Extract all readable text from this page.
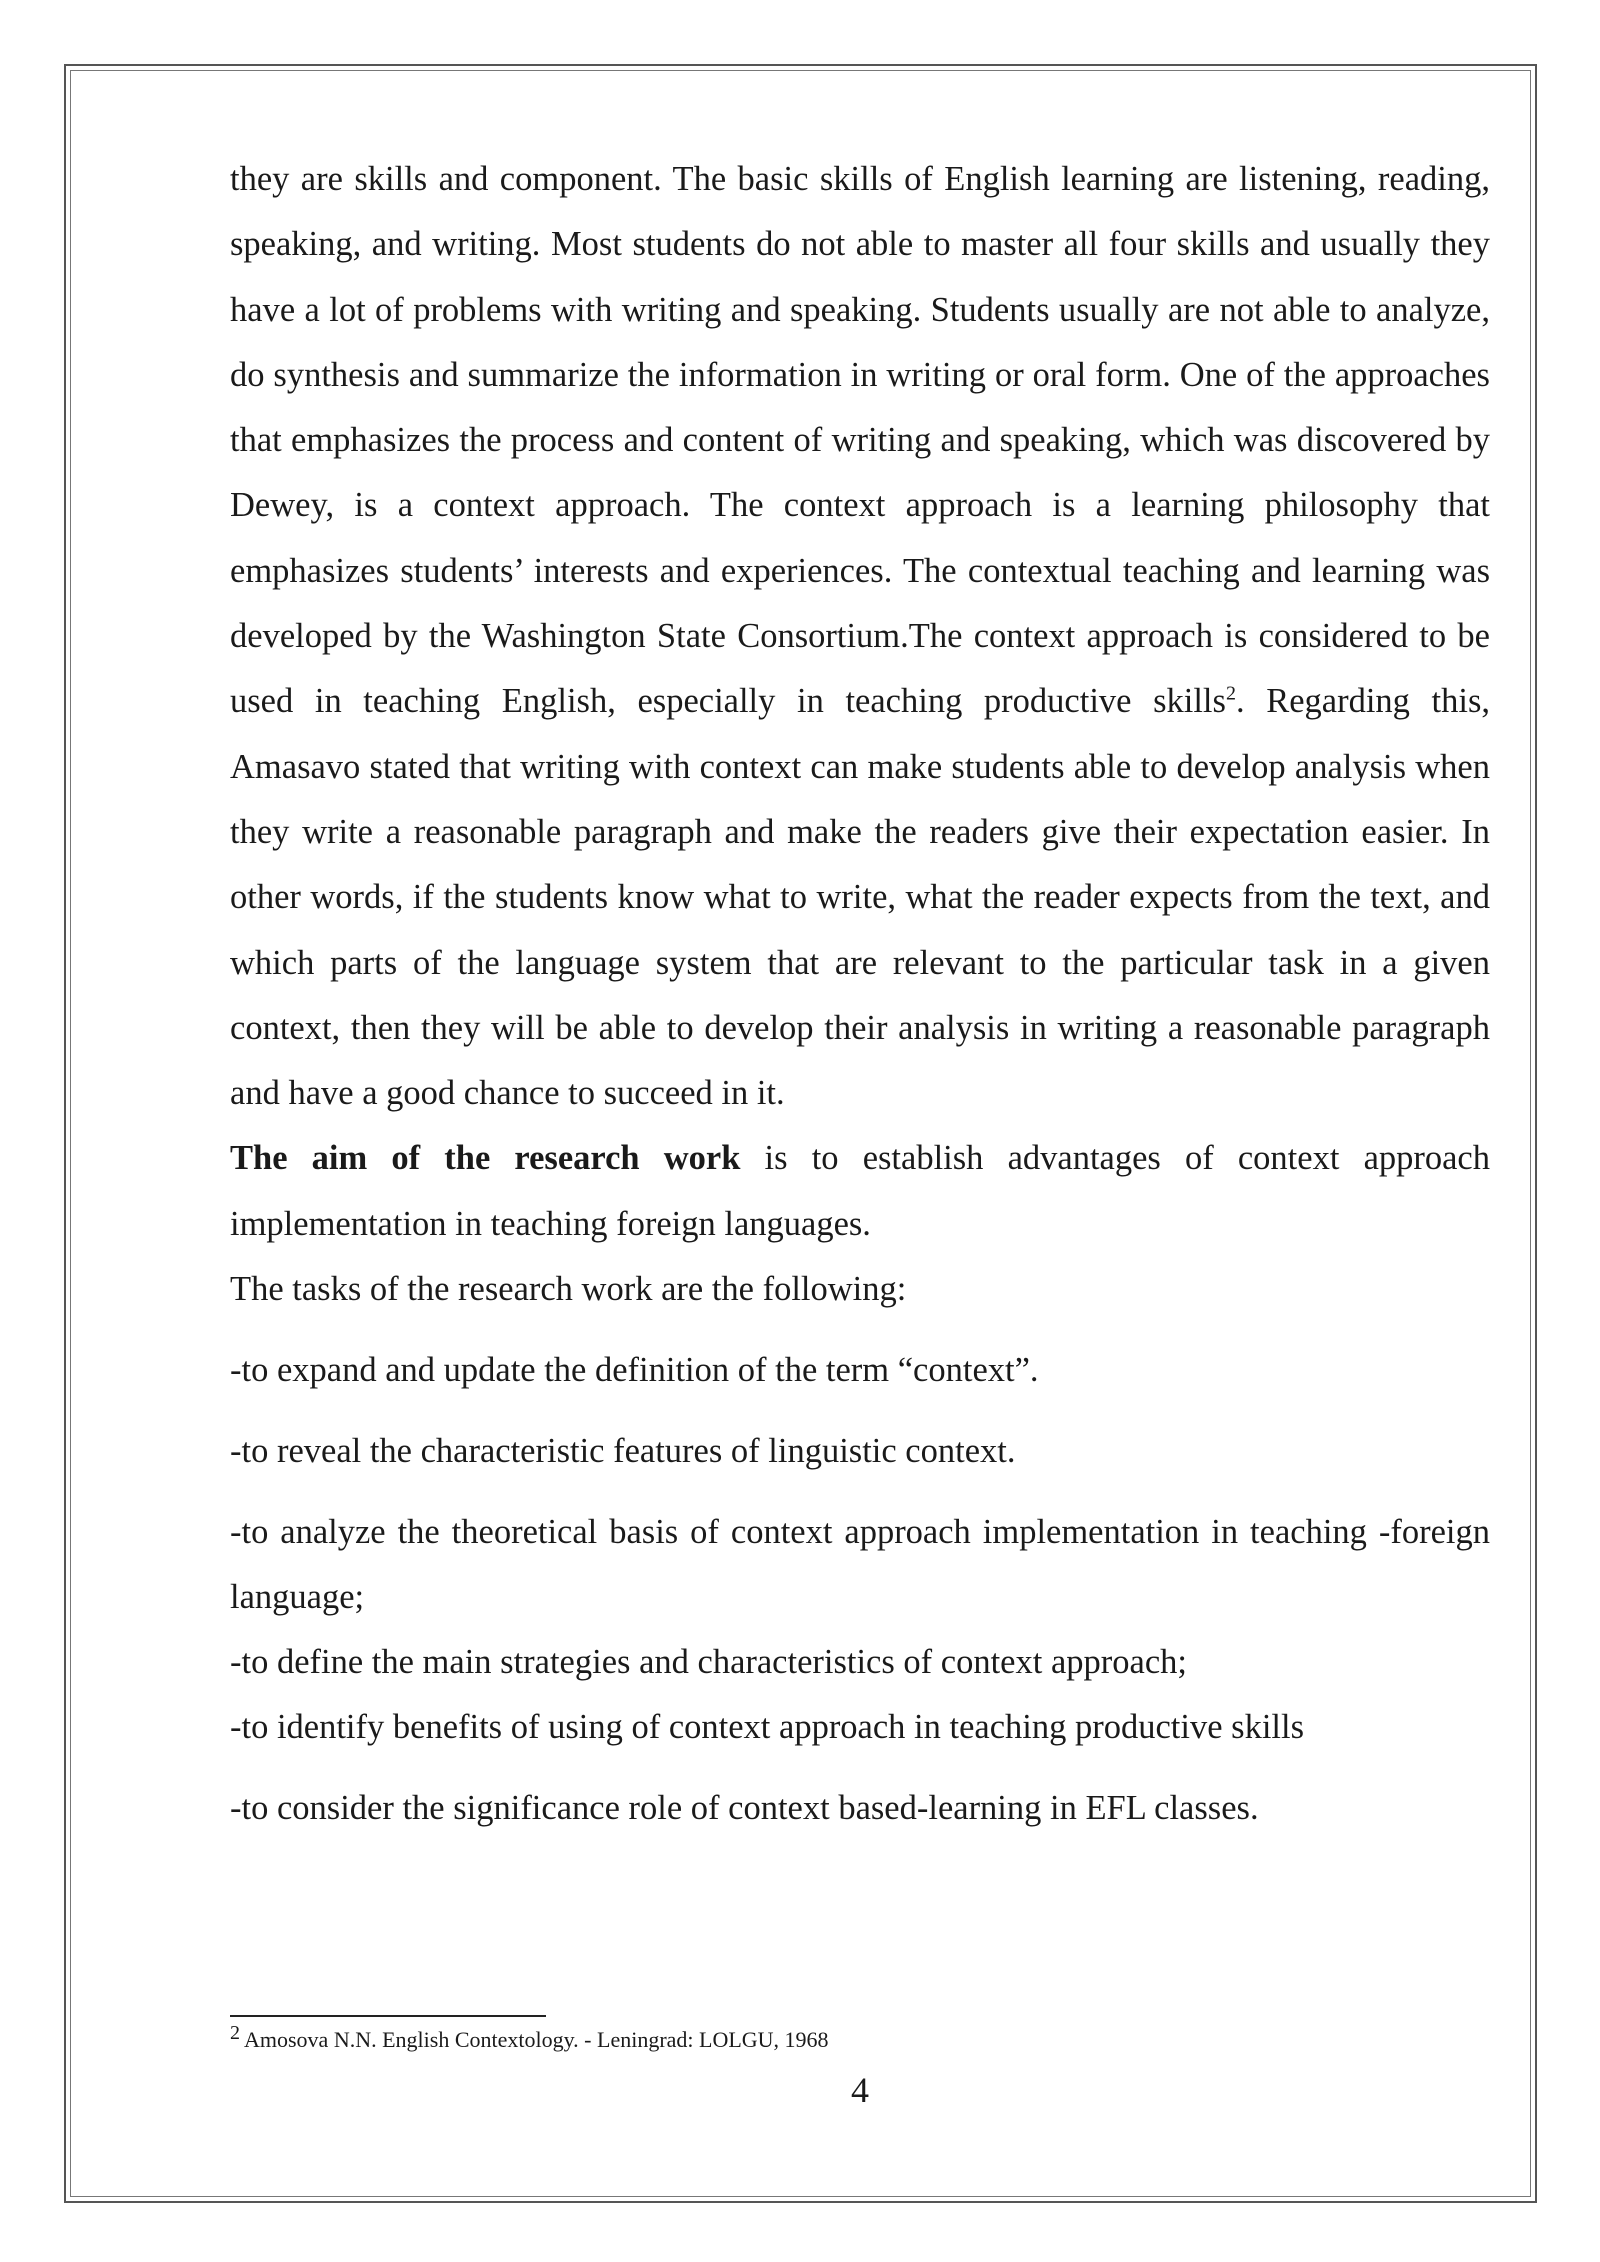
they are skills and component. The basic skills of English learning are listening, reading, speaking, and writing. Most students do not able to master all four skills and usually they have a lot of problems with writing and speaking. Students usually are not able to analyze, do synthesis and summarize the information in writing or oral form. One of the approaches that emphasizes the process and content of writing and speaking, which was discovered by Dewey, is a context approach. The context approach is a learning philosophy that emphasizes students’ interests and experiences. The contextual teaching and learning was developed by the Washington State Consortium.The context approach is considered to be used in teaching English, especially in teaching productive skills$^2$. Regarding this, Amasavo stated that writing with context can make students able to develop analysis when they write a reasonable paragraph and make the readers give their expectation easier. In other words, if the students know what to write, what the reader expects from the text, and which parts of the language system that are relevant to the particular task in a given context, then they will be able to develop their analysis in writing a reasonable paragraph and have a good chance to succeed in it.

The aim of the research work is to establish advantages of context approach implementation in teaching foreign languages.

The tasks of the research work are the following:

-to expand and update the definition of the term “context”.

-to reveal the characteristic features of linguistic context.

-to analyze the theoretical basis of context approach implementation in teaching -foreign language;

-to define the main strategies and characteristics of context approach;

-to identify benefits of using of context approach in teaching productive skills

-to consider the significance role of context based-learning in EFL classes.

2 Amosova N.N. English Contextology. - Leningrad: LOLGU, 1968
4
